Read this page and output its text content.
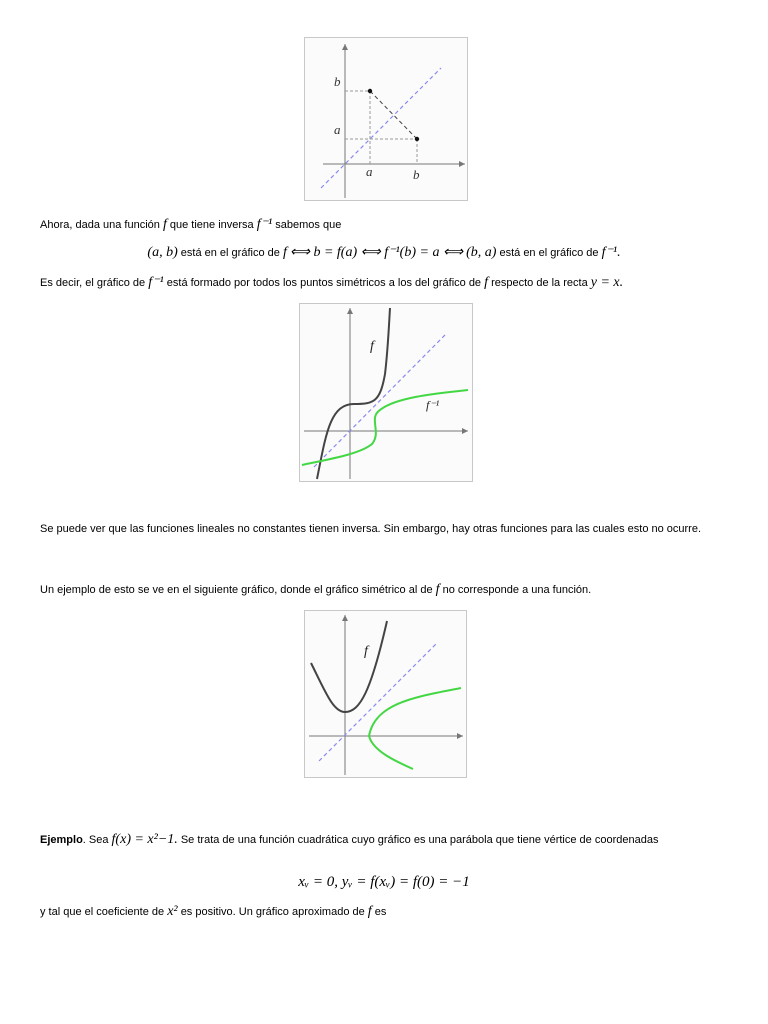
b
a
a	b
Ahora, dada una función f que tiene inversa f⁻¹ sabemos que
(a, b) está en el gráfico de f ⟺ b = f(a) ⟺ f⁻¹(b) = a ⟺ (b, a) está en el gráfico de f⁻¹.
Es decir, el gráfico de f⁻¹ está formado por todos los puntos simétricos a los del gráfico de f respecto de la recta y = x.
f
f⁻¹
Se puede ver que las funciones lineales no constantes tienen inversa. Sin embargo, hay otras funciones para las cuales esto no ocurre.
Un ejemplo de esto se ve en el siguiente gráfico, donde el gráfico simétrico al de f no corresponde a una función.
f
Ejemplo. Sea f(x) = x²−1. Se trata de una función cuadrática cuyo gráfico es una parábola que tiene vértice de coordenadas
xᵥ = 0, yᵥ = f(xᵥ) = f(0) = −1
y tal que el coeficiente de x² es positivo. Un gráfico aproximado de f es
